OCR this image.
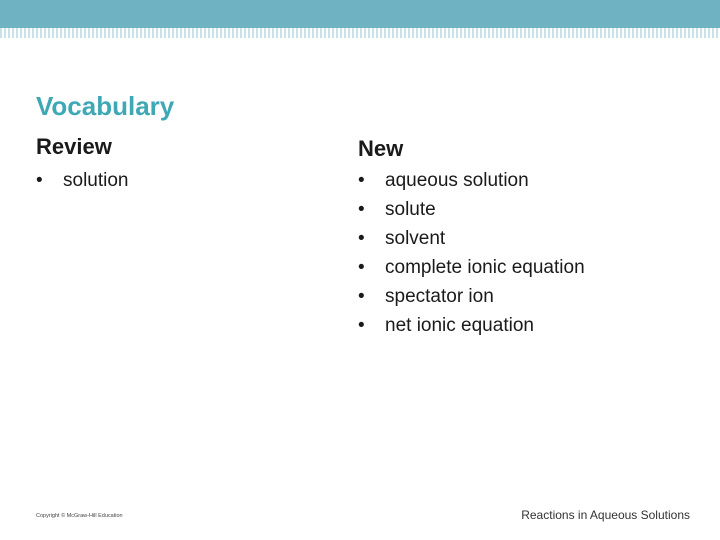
Vocabulary
Review	New
• solution	• aqueous solution
• solute
• solvent
• complete ionic equation
• spectator ion
• net ionic equation
Copyright © McGraw-Hill Education	Reactions in Aqueous Solutions
